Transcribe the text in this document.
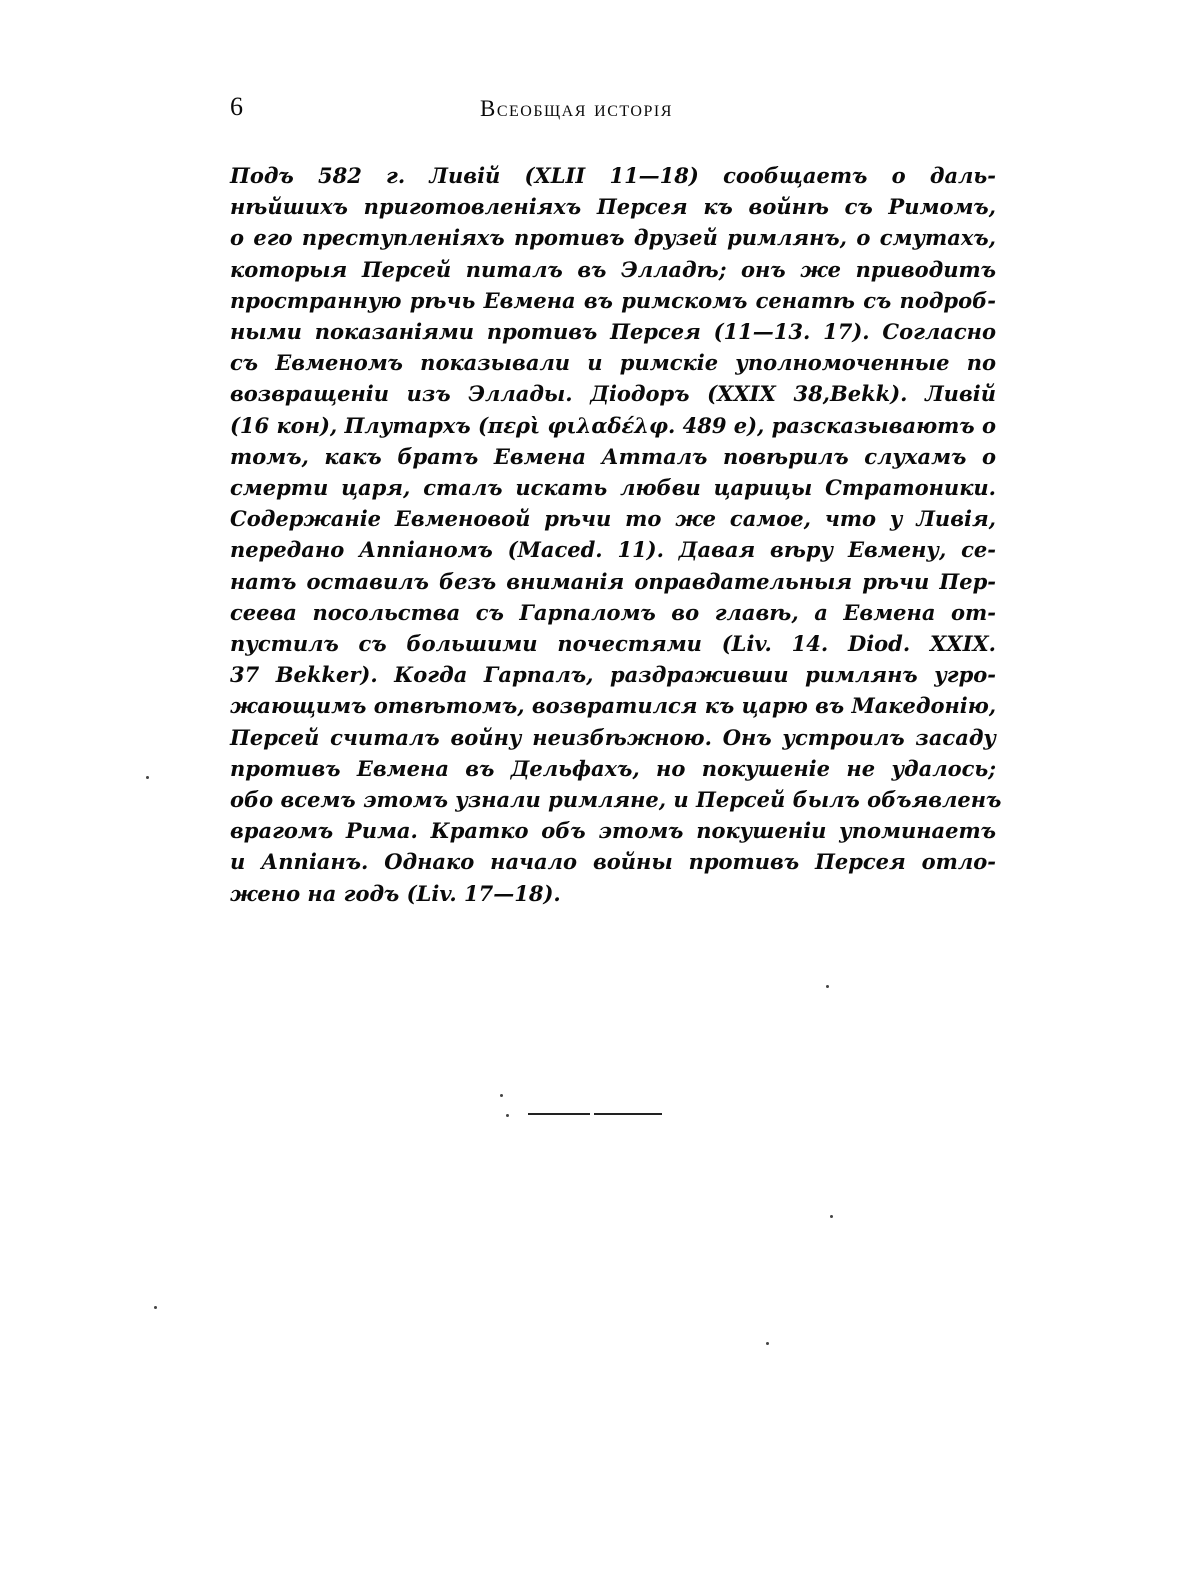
6	Всеобщая исторія
Подъ 582 г. Ливій (XLII 11—18) сообщаетъ о даль-
нѣйшихъ приготовленіяхъ Персея къ войнѣ съ Римомъ,
о его преступленіяхъ противъ друзей римлянъ, о смутахъ,
которыя Персей питалъ въ Элладѣ; онъ же приводитъ
пространную рѣчь Евмена въ римскомъ сенатѣ съ подроб-
ными показаніями противъ Персея (11—13. 17). Согласно
съ Евменомъ показывали и римскіе уполномоченные по
возвращеніи изъ Эллады. Діодоръ (XXIX 38,Bekk). Ливій
(16 кон), Плутархъ (περὶ φιλαδέλφ. 489 e), разсказываютъ о
томъ, какъ братъ Евмена Атталъ повѣрилъ слухамъ о
смерти царя, сталъ искать любви царицы Стратоники.
Содержаніе Евменовой рѣчи то же самое, что у Ливія,
передано Аппіаномъ (Maced. 11). Давая вѣру Евмену, се-
натъ оставилъ безъ вниманія оправдательныя рѣчи Пер-
сеева посольства съ Гарпаломъ во главѣ, а Евмена от-
пустилъ съ большими почестями (Liv. 14. Diod. XXIX.
37 Bekker). Когда Гарпалъ, раздраживши римлянъ угро-
жающимъ отвѣтомъ, возвратился къ царю въ Македонію,
Персей считалъ войну неизбѣжною. Онъ устроилъ засаду
противъ Евмена въ Дельфахъ, но покушеніе не удалось;
обо всемъ этомъ узнали римляне, и Персей былъ объявленъ
врагомъ Рима. Кратко объ этомъ покушеніи упоминаетъ
и Аппіанъ. Однако начало войны противъ Персея отло-
жено на годъ (Liv. 17—18).
